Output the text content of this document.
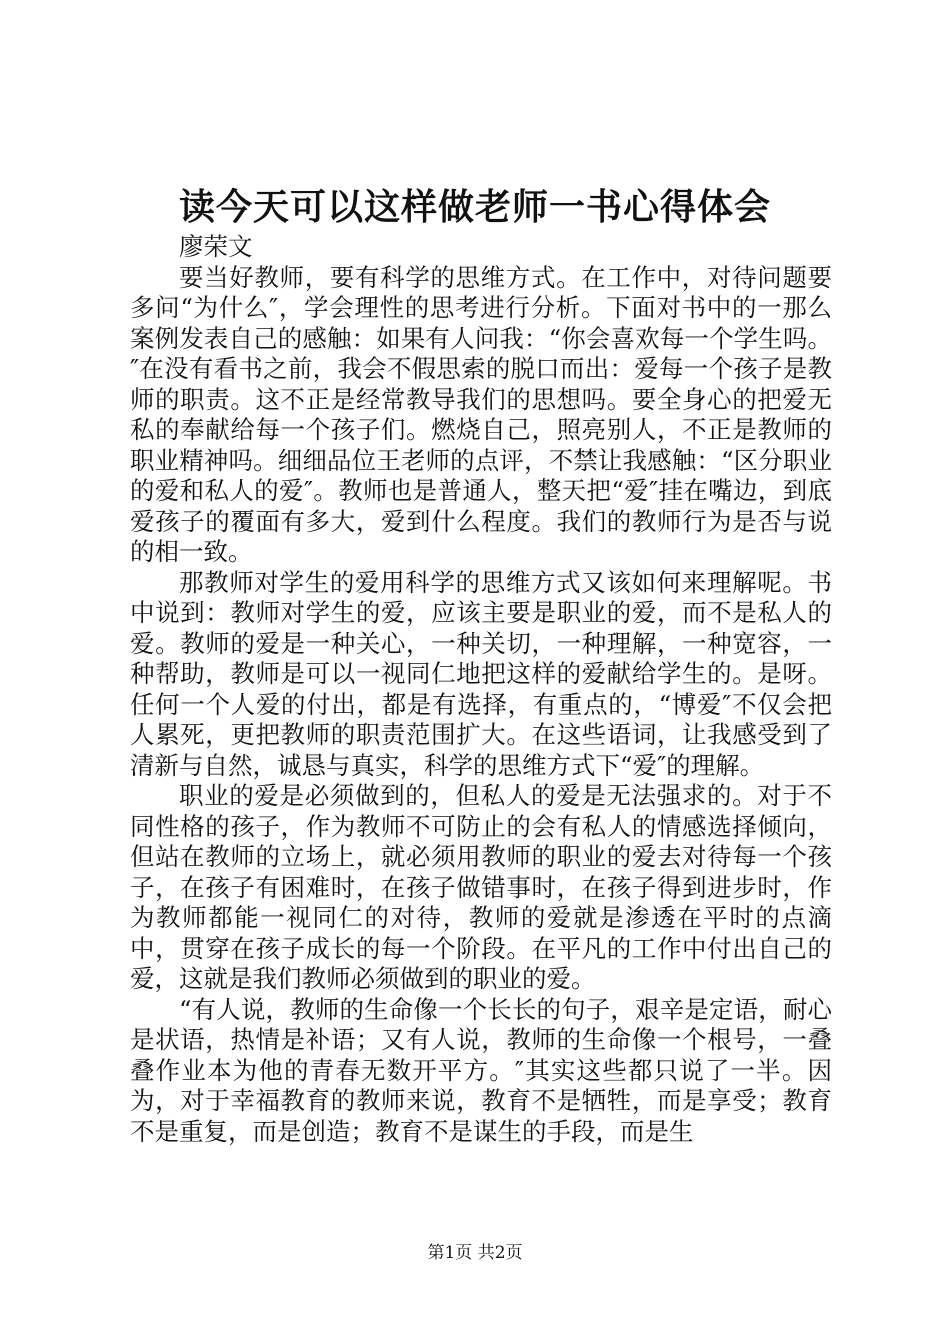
读今天可以这样做老师一书心得体会

廖荣文

要当好教师，要有科学的思维方式。在工作中，对待问题要多问“为什么″，学会理性的思考进行分析。下面对书中的一那么案例发表自己的感触：如果有人问我：“你会喜欢每一个学生吗。″在没有看书之前，我会不假思索的脱口而出：爱每一个孩子是教师的职责。这不正是经常教导我们的思想吗。要全身心的把爱无私的奉献给每一个孩子们。燃烧自己，照亮别人，不正是教师的职业精神吗。细细品位王老师的点评，不禁让我感触：“区分职业的爱和私人的爱″。教师也是普通人，整天把“爱″挂在嘴边，到底爱孩子的覆面有多大，爱到什么程度。我们的教师行为是否与说的相一致。

那教师对学生的爱用科学的思维方式又该如何来理解呢。书中说到：教师对学生的爱，应该主要是职业的爱，而不是私人的爱。教师的爱是一种关心，一种关切，一种理解，一种宽容，一种帮助，教师是可以一视同仁地把这样的爱献给学生的。是呀。任何一个人爱的付出，都是有选择，有重点的，“博爱″不仅会把人累死，更把教师的职责范围扩大。在这些语词，让我感受到了清新与自然，诚恳与真实，科学的思维方式下“爱″的理解。

职业的爱是必须做到的，但私人的爱是无法强求的。对于不同性格的孩子，作为教师不可防止的会有私人的情感选择倾向，但站在教师的立场上，就必须用教师的职业的爱去对待每一个孩子，在孩子有困难时，在孩子做错事时，在孩子得到进步时，作为教师都能一视同仁的对待，教师的爱就是渗透在平时的点滴中，贯穿在孩子成长的每一个阶段。在平凡的工作中付出自己的爱，这就是我们教师必须做到的职业的爱。

“有人说，教师的生命像一个长长的句子，艰辛是定语，耐心是状语，热情是补语；又有人说，教师的生命像一个根号，一叠叠作业本为他的青春无数开平方。″其实这些都只说了一半。因为，对于幸福教育的教师来说，教育不是牺牲，而是享受；教育不是重复，而是创造；教育不是谋生的手段，而是生

第1页 共2页
